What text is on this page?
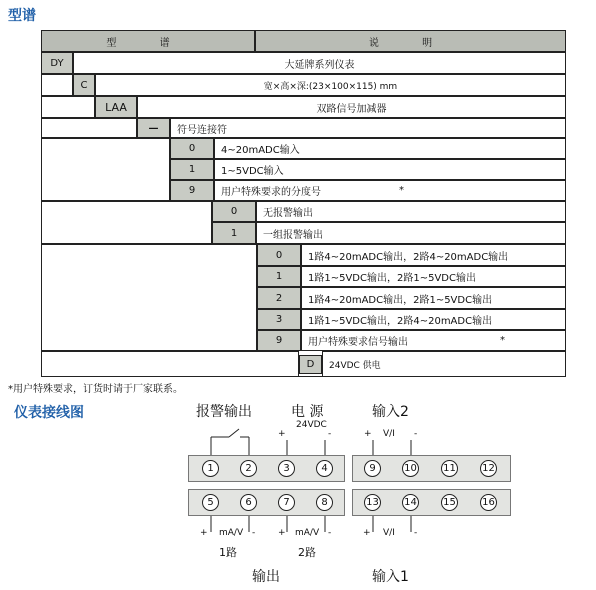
型谱
型 谱	说 明
DY	大延牌系列仪表
C	宽×高×深:(23×100×115) mm
LAA	双路信号加减器
—	符号连接符
0	4~20mADC输入
1	1~5VDC输入
9	用户特殊要求的分度号	*
0	无报警输出
1	一组报警输出
0	1路4~20mADC输出，2路4~20mADC输出
1	1路1~5VDC输出，2路1~5VDC输出
2	1路4~20mADC输出，2路1~5VDC输出
3	1路1~5VDC输出，2路4~20mADC输出
9	用户特殊要求信号输出	*
D	24VDC 供电
*用户特殊要求，订货时请于厂家联系。
仪表接线图	报警输出	电 源
24VDC
输入2
+	-	+ V/I -
1	2	3	4	9	10	11	12
5	6	7	8	13	14	15	16
+ mA/V -	+ mA/V -	+ V/I -
1路	2路
输出	输入1
